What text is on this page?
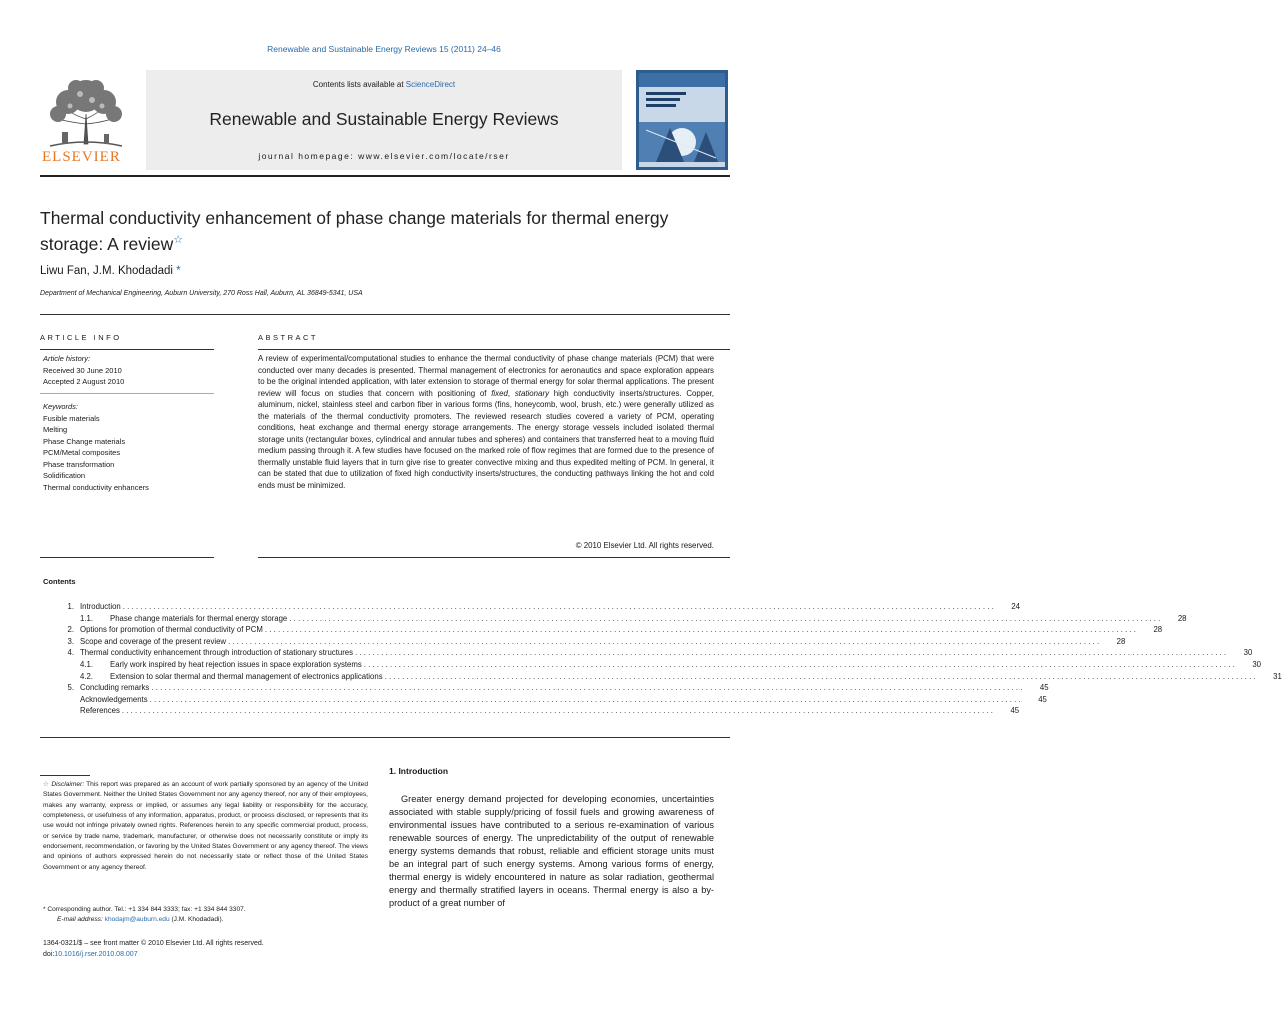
Renewable and Sustainable Energy Reviews 15 (2011) 24–46
ELSEVIER
Contents lists available at ScienceDirect
Renewable and Sustainable Energy Reviews
journal homepage: www.elsevier.com/locate/rser
Thermal conductivity enhancement of phase change materials for thermal energy
storage: A review☆
Liwu Fan, J.M. Khodadadi *
Department of Mechanical Engineering, Auburn University, 270 Ross Hall, Auburn, AL 36849-5341, USA
ARTICLE INFO
Article history:
Received 30 June 2010
Accepted 2 August 2010
Keywords:
Fusible materials
Melting
Phase Change materials
PCM/Metal composites
Phase transformation
Solidification
Thermal conductivity enhancers
ABSTRACT
A review of experimental/computational studies to enhance the thermal conductivity of phase change materials (PCM) that were conducted over many decades is presented. Thermal management of electronics for aeronautics and space exploration appears to be the original intended application, with later extension to storage of thermal energy for solar thermal applications. The present review will focus on studies that concern with positioning of fixed, stationary high conductivity inserts/structures. Copper, aluminum, nickel, stainless steel and carbon fiber in various forms (fins, honeycomb, wool, brush, etc.) were generally utilized as the materials of the thermal conductivity promoters. The reviewed research studies covered a variety of PCM, operating conditions, heat exchange and thermal energy storage arrangements. The energy storage vessels included isolated thermal storage units (rectangular boxes, cylindrical and annular tubes and spheres) and containers that transferred heat to a moving fluid medium passing through it. A few studies have focused on the marked role of flow regimes that are formed due to the presence of thermally unstable fluid layers that in turn give rise to greater convective mixing and thus expedited melting of PCM. In general, it can be stated that due to utilization of fixed high conductivity inserts/structures, the conducting pathways linking the hot and cold ends must be minimized.
© 2010 Elsevier Ltd. All rights reserved.
Contents
1. Introduction ........................................................................................................................................................................................................	24
1.1.	Phase change materials for thermal energy storage ........................................................................................................................................................................................................	28
2. Options for promotion of thermal conductivity of PCM ........................................................................................................................................................................................................	28
3. Scope and coverage of the present review ........................................................................................................................................................................................................	28
4. Thermal conductivity enhancement through introduction of stationary structures ........................................................................................................................................................................................................	30
4.1.	Early work inspired by heat rejection issues in space exploration systems ........................................................................................................................................................................................................	30
4.2.	Extension to solar thermal and thermal management of electronics applications ........................................................................................................................................................................................................	31
5. Concluding remarks ........................................................................................................................................................................................................	45
Acknowledgements ........................................................................................................................................................................................................	45
References ........................................................................................................................................................................................................	45
☆ Disclaimer: This report was prepared as an account of work partially sponsored by an agency of the United States Government. Neither the United States Government nor any agency thereof, nor any of their employees, makes any warranty, express or implied, or assumes any legal liability or responsibility for the accuracy, completeness, or usefulness of any information, apparatus, product, or process disclosed, or represents that its use would not infringe privately owned rights. References herein to any specific commercial product, process, or service by trade name, trademark, manufacturer, or otherwise does not necessarily constitute or imply its endorsement, recommendation, or favoring by the United States Government or any agency thereof. The views and opinions of authors expressed herein do not necessarily state or reflect those of the United States Government or any agency thereof.
* Corresponding author. Tel.: +1 334 844 3333; fax: +1 334 844 3307.
E-mail address: khodajm@auburn.edu (J.M. Khodadadi).
1364-0321/$ – see front matter © 2010 Elsevier Ltd. All rights reserved.
doi:10.1016/j.rser.2010.08.007
1. Introduction
Greater energy demand projected for developing economies, uncertainties associated with stable supply/pricing of fossil fuels and growing awareness of environmental issues have contributed to a serious re-examination of various renewable sources of energy. The unpredictability of the output of renewable energy systems demands that robust, reliable and efficient storage units must be an integral part of such energy systems. Among various forms of energy, thermal energy is widely encountered in nature as solar radiation, geothermal energy and thermally stratified layers in oceans. Thermal energy is also a by-product of a great number of
